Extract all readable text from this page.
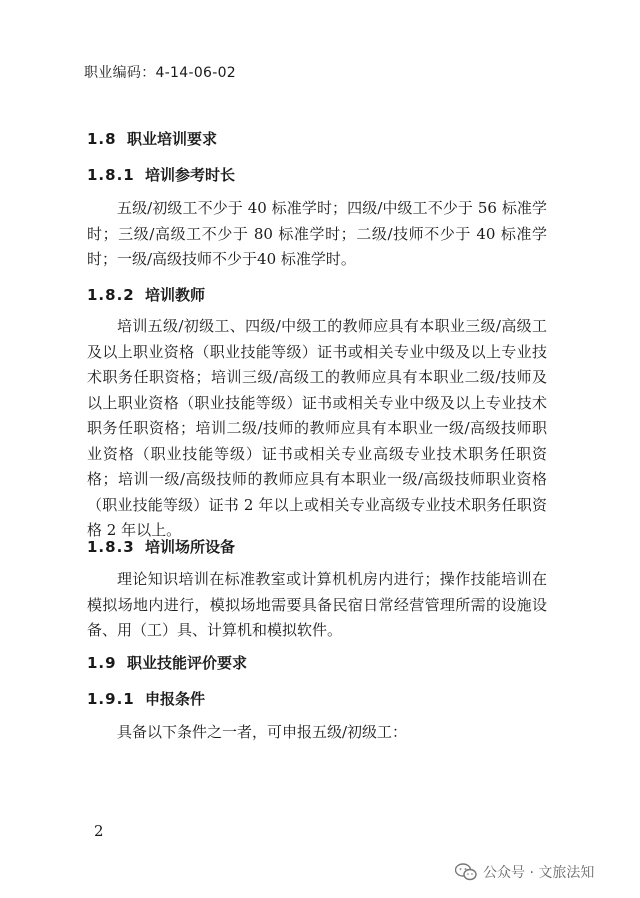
职业编码：4-14-06-02
1.8 职业培训要求
1.8.1 培训参考时长

五级/初级工不少于 40 标准学时；四级/中级工不少于 56 标准学时；三级/高级工不少于 80 标准学时；二级/技师不少于 40 标准学时；一级/高级技师不少于40 标准学时。

1.8.2 培训教师

培训五级/初级工、四级/中级工的教师应具有本职业三级/高级工及以上职业资格（职业技能等级）证书或相关专业中级及以上专业技术职务任职资格；培训三级/高级工的教师应具有本职业二级/技师及以上职业资格（职业技能等级）证书或相关专业中级及以上专业技术职务任职资格；培训二级/技师的教师应具有本职业一级/高级技师职业资格（职业技能等级）证书或相关专业高级专业技术职务任职资格；培训一级/高级技师的教师应具有本职业一级/高级技师职业资格（职业技能等级）证书 2 年以上或相关专业高级专业技术职务任职资格 2 年以上。

1.8.3 培训场所设备

理论知识培训在标准教室或计算机机房内进行；操作技能培训在模拟场地内进行，模拟场地需要具备民宿日常经营管理所需的设施设备、用（工）具、计算机和模拟软件。

1.9 职业技能评价要求
1.9.1 申报条件

具备以下条件之一者，可申报五级/初级工：

2
公众号 · 文旅法知
